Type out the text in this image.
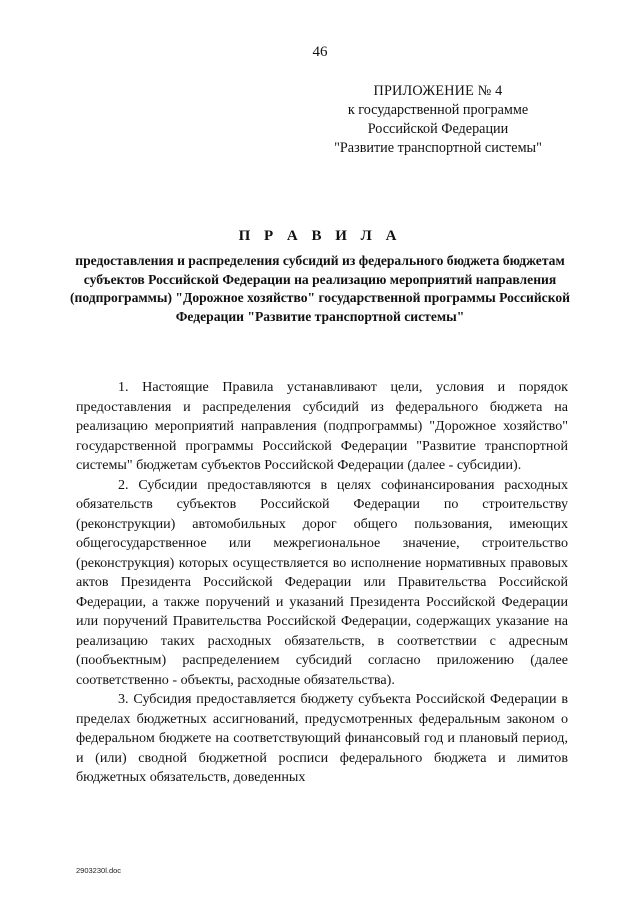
46
ПРИЛОЖЕНИЕ № 4
к государственной программе
Российской Федерации
"Развитие транспортной системы"
П Р А В И Л А
предоставления и распределения субсидий из федерального бюджета бюджетам субъектов Российской Федерации на реализацию мероприятий направления (подпрограммы) "Дорожное хозяйство" государственной программы Российской Федерации "Развитие транспортной системы"

1. Настоящие Правила устанавливают цели, условия и порядок предоставления и распределения субсидий из федерального бюджета на реализацию мероприятий направления (подпрограммы) "Дорожное хозяйство" государственной программы Российской Федерации "Развитие транспортной системы" бюджетам субъектов Российской Федерации (далее - субсидии).

2. Субсидии предоставляются в целях софинансирования расходных обязательств субъектов Российской Федерации по строительству (реконструкции) автомобильных дорог общего пользования, имеющих общегосударственное или межрегиональное значение, строительство (реконструкция) которых осуществляется во исполнение нормативных правовых актов Президента Российской Федерации или Правительства Российской Федерации, а также поручений и указаний Президента Российской Федерации или поручений Правительства Российской Федерации, содержащих указание на реализацию таких расходных обязательств, в соответствии с адресным (пообъектным) распределением субсидий согласно приложению (далее соответственно - объекты, расходные обязательства).

3. Субсидия предоставляется бюджету субъекта Российской Федерации в пределах бюджетных ассигнований, предусмотренных федеральным законом о федеральном бюджете на соответствующий финансовый год и плановый период, и (или) сводной бюджетной росписи федерального бюджета и лимитов бюджетных обязательств, доведенных

2903230l.doc
